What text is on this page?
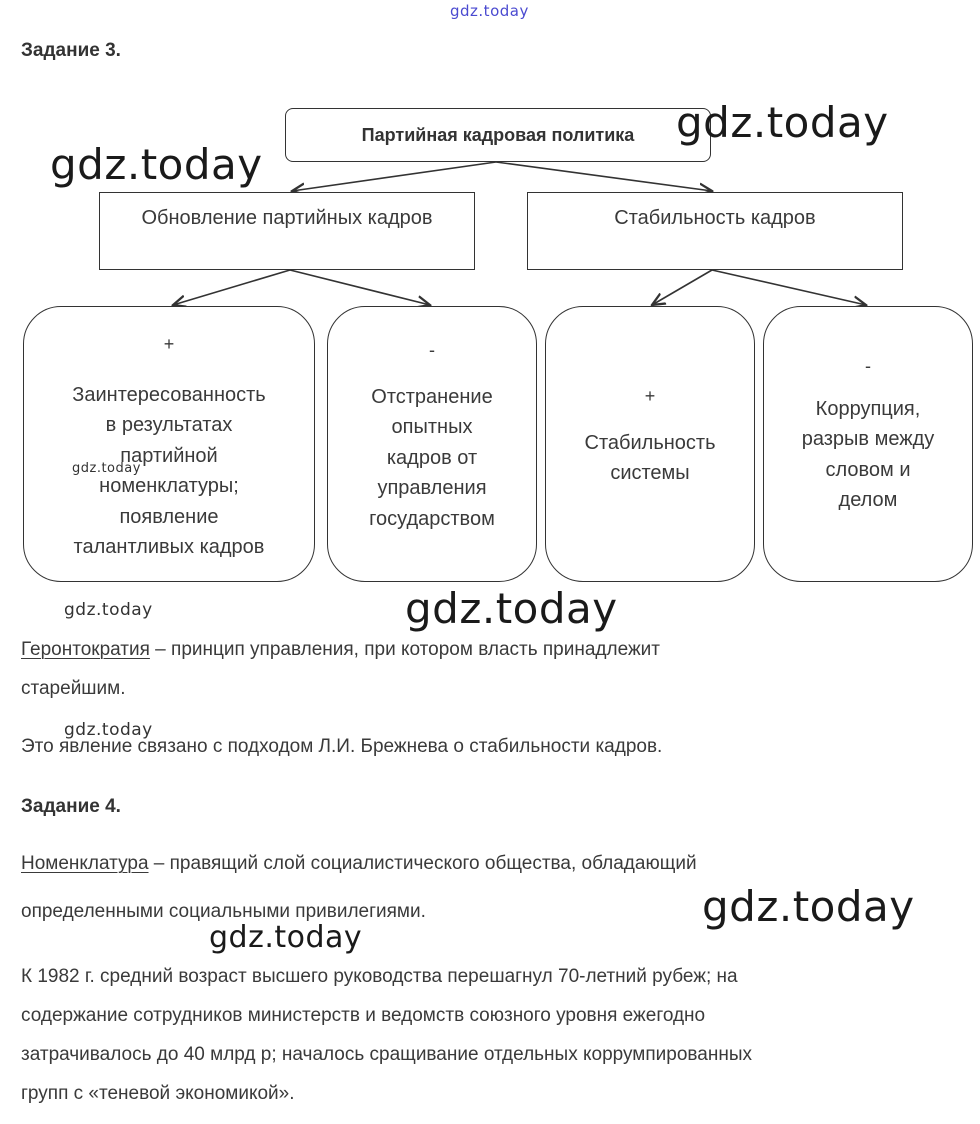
gdz.today
Задание 3.
Партийная кадровая политика
Обновление партийных кадров	Стабильность кадров
+
Заинтересованность
в результатах
партийной
номенклатуры;
появление
талантливых кадров
-
Отстранение
опытных
кадров от
управления
государством
+
Стабильность
системы
-
Коррупция,
разрыв между
словом и
делом
gdz.today
gdz.today
gdz.today
gdz.today	gdz.today
Геронтократия – принцип управления, при котором власть принадлежит
старейшим.
gdz.today
Это явление связано с подходом Л.И. Брежнева о стабильности кадров.
Задание 4.
Номенклатура – правящий слой социалистического общества, обладающий
определенными социальными привилегиями.	gdz.today
gdz.today
К 1982 г. средний возраст высшего руководства перешагнул 70-летний рубеж; на
содержание сотрудников министерств и ведомств союзного уровня ежегодно
затрачивалось до 40 млрд р; началось сращивание отдельных коррумпированных
групп с «теневой экономикой».
